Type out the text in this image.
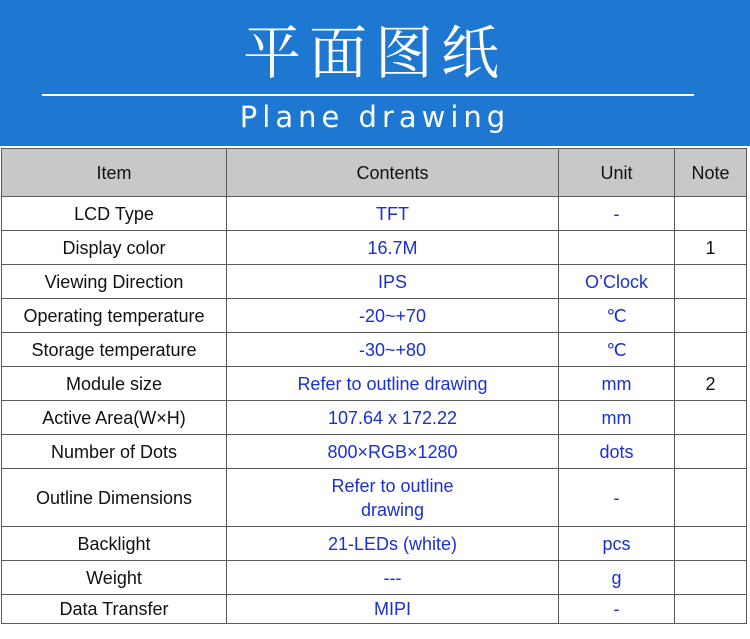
平面图纸
Plane drawing
Item	Contents	Unit	Note
LCD Type	TFT	-	
Display color	16.7M		1
Viewing Direction	IPS	O’Clock	
Operating temperature	-20~+70	℃	
Storage temperature	-30~+80	℃	
Module size	Refer to outline drawing	mm	2
Active Area(W×H)	107.64 x 172.22	mm	
Number of Dots	800×RGB×1280	dots	
Outline Dimensions	Refer to outline drawing	-	
Backlight	21-LEDs (white)	pcs	
Weight	---	g	
Data Transfer	MIPI	-	
